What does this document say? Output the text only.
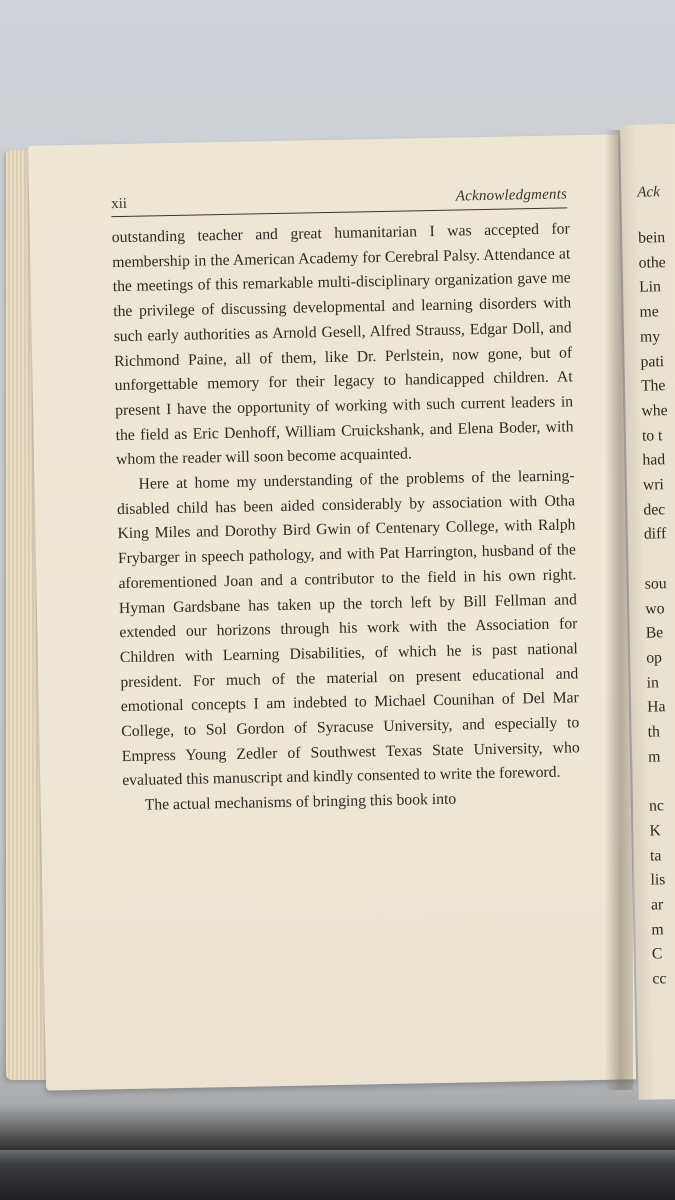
xii	Acknowledgments

outstanding teacher and great humanitarian I was accepted for membership in the American Academy for Cerebral Palsy. Attendance at the meetings of this remarkable multi-disciplinary organization gave me the privilege of discussing developmental and learning disorders with such early authorities as Arnold Gesell, Alfred Strauss, Edgar Doll, and Richmond Paine, all of them, like Dr. Perlstein, now gone, but of unforgettable memory for their legacy to handicapped children. At present I have the opportunity of working with such current leaders in the field as Eric Denhoff, William Cruickshank, and Elena Boder, with whom the reader will soon become acquainted.

Here at home my understanding of the problems of the learning-disabled child has been aided considerably by association with Otha King Miles and Dorothy Bird Gwin of Centenary College, with Ralph Frybarger in speech pathology, and with Pat Harrington, husband of the aforementioned Joan and a contributor to the field in his own right. Hyman Gardsbane has taken up the torch left by Bill Fellman and extended our horizons through his work with the Association for Children with Learning Disabilities, of which he is past national president. For much of the material on present educational and emotional concepts I am indebted to Michael Counihan of Del Mar College, to Sol Gordon of Syracuse University, and especially to Empress Young Zedler of Southwest Texas State University, who evaluated this manuscript and kindly consented to write the foreword.

The actual mechanisms of bringing this book into

Ack
bein
othe
Lin
me
my
pati
The
whe
to t
had
wri
dec
diff
sou
wo
Be
op
in
Ha
th
m
nc
K
ta
lis
ar
m
C
cc
